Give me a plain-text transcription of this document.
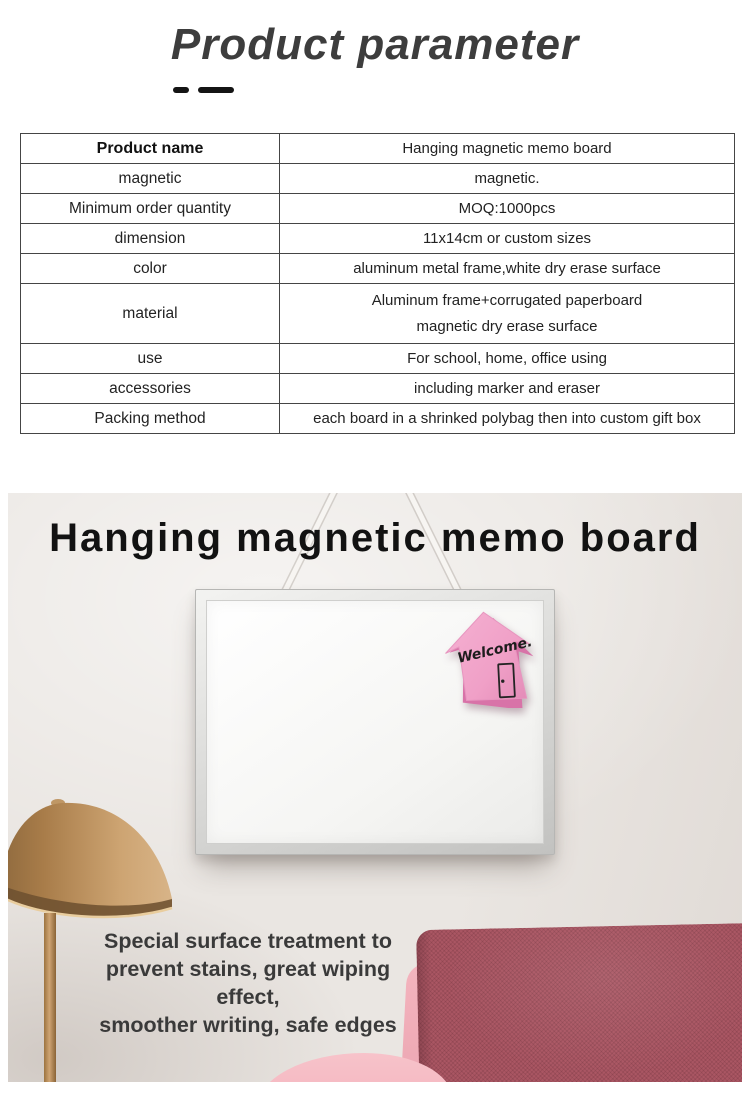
Product parameter
Product name	Hanging magnetic memo board
magnetic	magnetic.
Minimum order quantity	MOQ:1000pcs
dimension	11x14cm or custom sizes
color	aluminum metal frame,white dry erase surface
material	Aluminum frame+corrugated paperboard
magnetic dry erase surface

use	For school, home, office using
accessories	including marker and eraser
Packing method	each board in a shrinked polybag then into custom gift box
Hanging magnetic memo board
Welcome.

Special surface treatment to
prevent stains, great wiping effect,
smoother writing, safe edges
